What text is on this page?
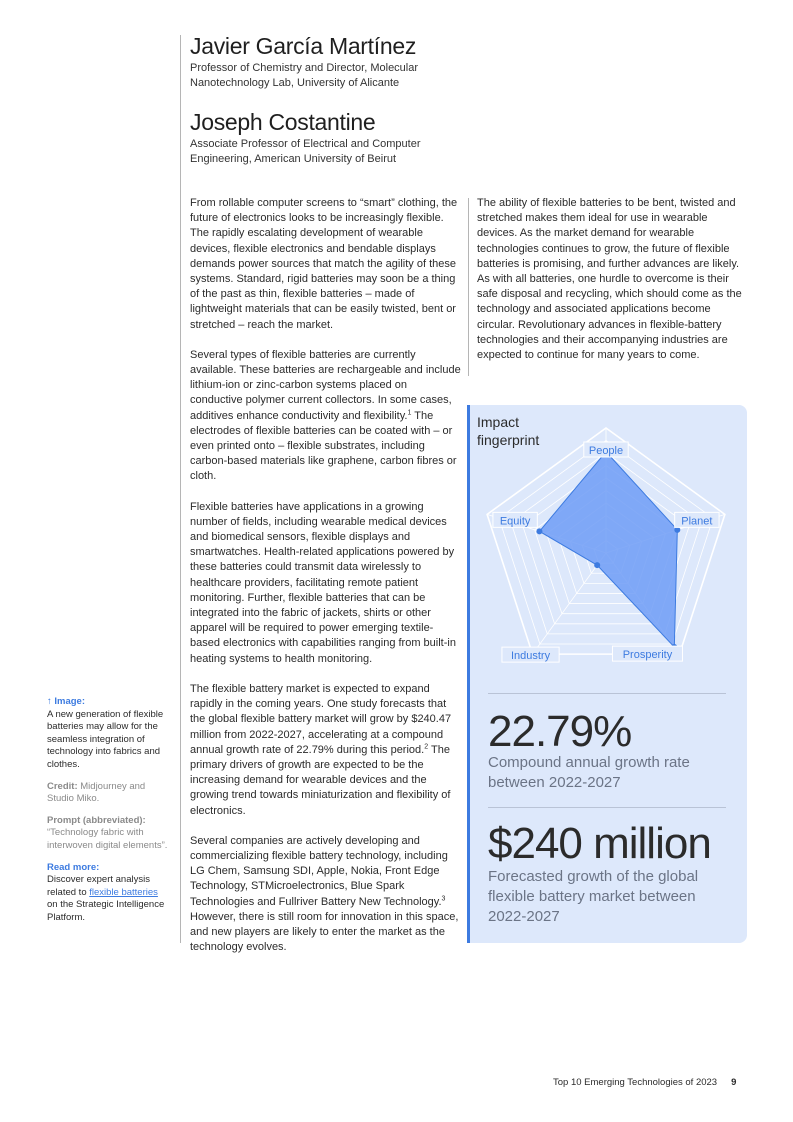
Javier García Martínez
Professor of Chemistry and Director, Molecular Nanotechnology Lab, University of Alicante
Joseph Costantine
Associate Professor of Electrical and Computer Engineering, American University of Beirut

From rollable computer screens to “smart” clothing, the future of electronics looks to be increasingly flexible. The rapidly escalating development of wearable devices, flexible electronics and bendable displays demands power sources that match the agility of these systems. Standard, rigid batteries may soon be a thing of the past as thin, flexible batteries – made of lightweight materials that can be easily twisted, bent or stretched – reach the market.

Several types of flexible batteries are currently available. These batteries are rechargeable and include lithium-ion or zinc-carbon systems placed on conductive polymer current collectors. In some cases, additives enhance conductivity and flexibility.$^1$ The electrodes of flexible batteries can be coated with – or even printed onto – flexible substrates, including carbon-based materials like graphene, carbon fibres or cloth.

Flexible batteries have applications in a growing number of fields, including wearable medical devices and biomedical sensors, flexible displays and smartwatches. Health-related applications powered by these batteries could transmit data wirelessly to healthcare providers, facilitating remote patient monitoring. Further, flexible batteries that can be integrated into the fabric of jackets, shirts or other apparel will be required to power emerging textile-based electronics with capabilities ranging from built-in heating systems to health monitoring.

The flexible battery market is expected to expand rapidly in the coming years. One study forecasts that the global flexible battery market will grow by $240.47 million from 2022-2027, accelerating at a compound annual growth rate of 22.79% during this period.$^2$ The primary drivers of growth are expected to be the increasing demand for wearable devices and the growing trend towards miniaturization and flexibility of electronics.

Several companies are actively developing and commercializing flexible battery technology, including LG Chem, Samsung SDI, Apple, Nokia, Front Edge Technology, STMicroelectronics, Blue Spark Technologies and Fullriver Battery New Technology.$^3$ However, there is still room for innovation in this space, and new players are likely to enter the market as the technology evolves.

The ability of flexible batteries to be bent, twisted and stretched makes them ideal for use in wearable devices. As the market demand for wearable technologies continues to grow, the future of flexible batteries is promising, and further advances are likely. As with all batteries, one hurdle to overcome is their safe disposal and recycling, which should come as the technology and associated applications become circular. Revolutionary advances in flexible-battery technologies and their accompanying industries are expected to continue for many years to come.

↑ Image:
A new generation of flexible batteries may allow for the seamless integration of technology into fabrics and clothes.
Credit: Midjourney and Studio Miko.
Prompt (abbreviated):
“Technology fabric with interwoven digital elements”.
Read more:
Discover expert analysis related to flexible batteries on the Strategic Intelligence Platform.
Impact fingerprint
People
Planet
Prosperity
Industry
Equity
22.79%
Compound annual growth rate between 2022-2027
$240 million
Forecasted growth of the global flexible battery market between 2022-2027
Top 10 Emerging Technologies of 2023 9
